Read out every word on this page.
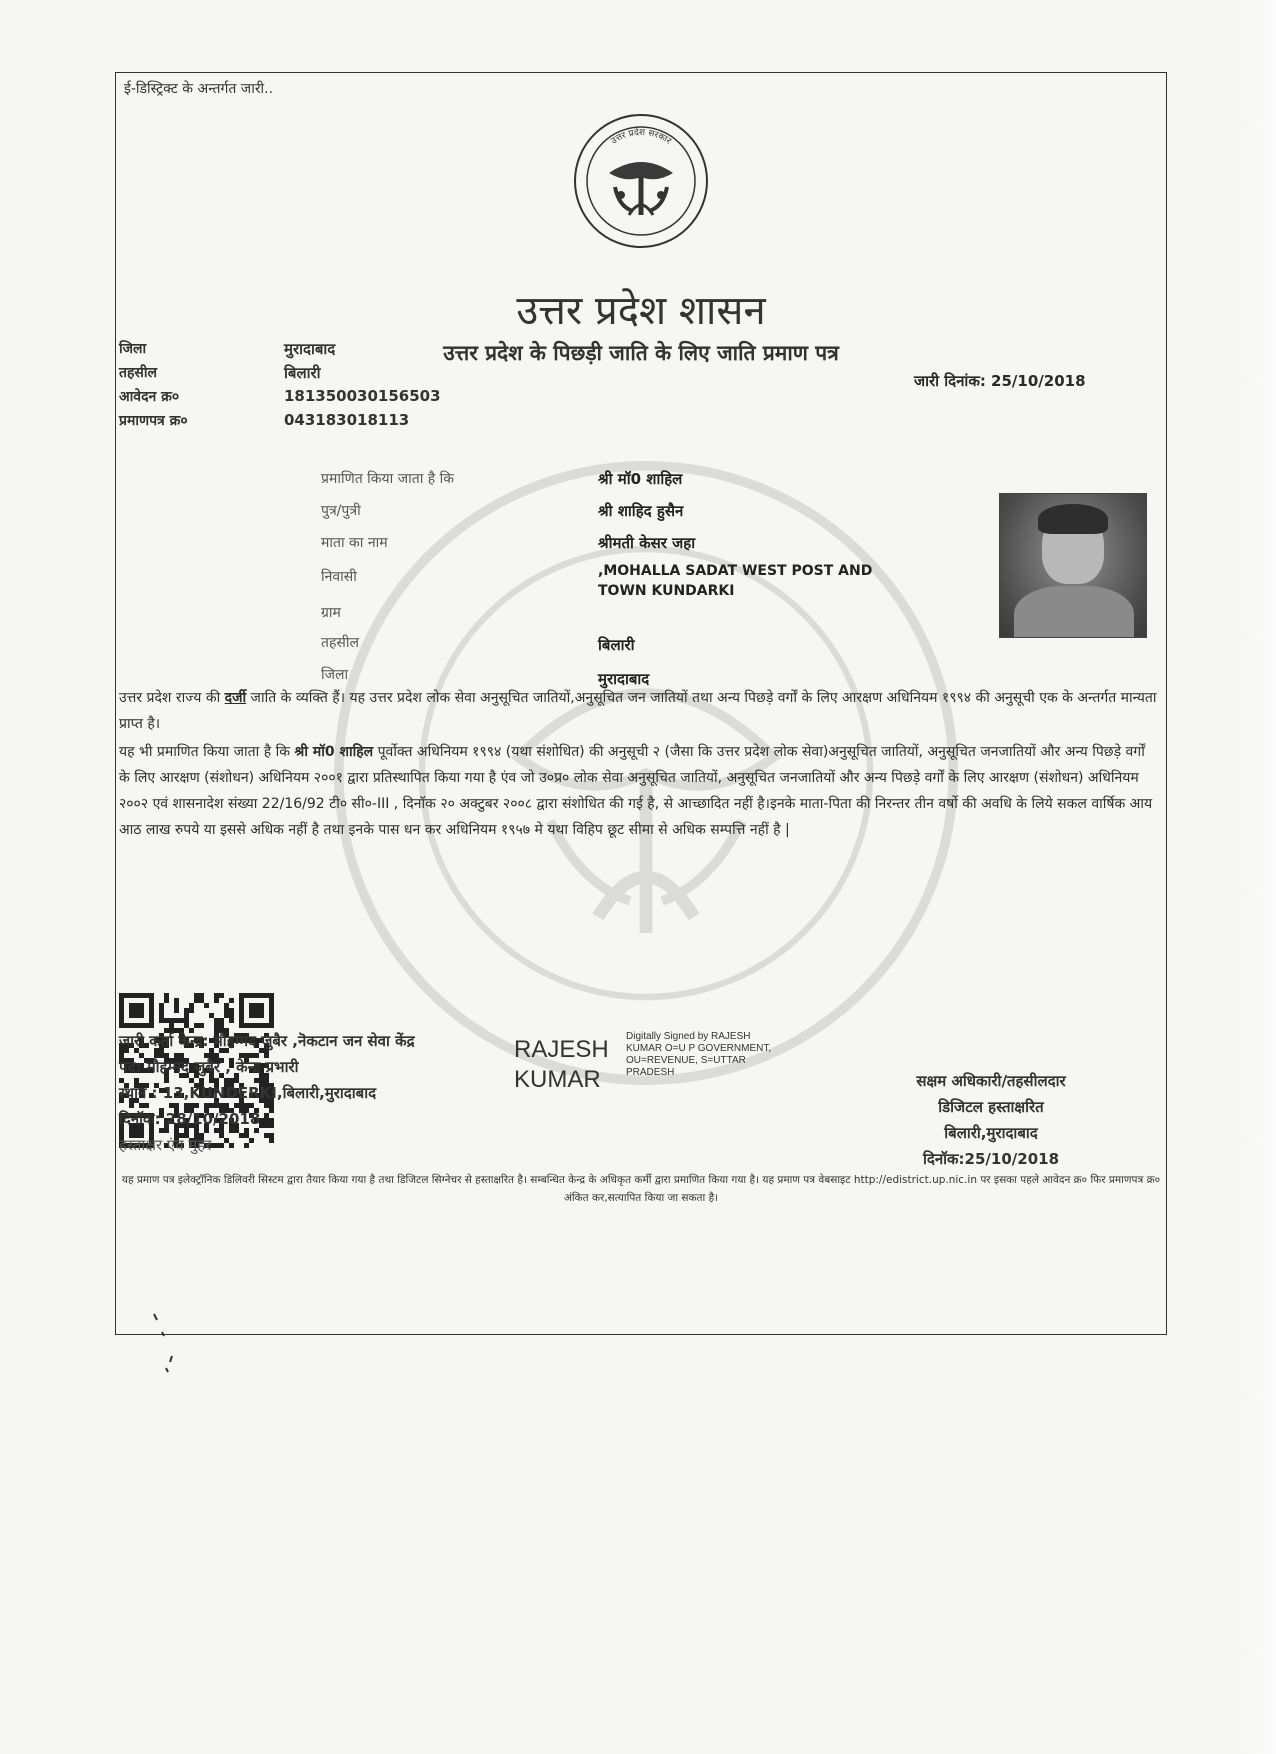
ई-डिस्ट्रिक्ट के अन्तर्गत जारी..
उत्तर प्रदेश सरकार
उत्तर प्रदेश शासन
उत्तर प्रदेश के पिछड़ी जाति के लिए जाति प्रमाण पत्र
जिला	मुरादाबाद
तहसील	बिलारी
आवेदन क्र०	181350030156503
प्रमाणपत्र क्र०	043183018113
जारी दिनांक: 25/10/2018
प्रमाणित किया जाता है कि	श्री मॉ0 शाहिल
पुत्र/पुत्री	श्री शाहिद हुसैन
माता का नाम	श्रीमती केसर जहा
निवासी	,MOHALLA SADAT WEST POST AND TOWN KUNDARKI
ग्राम
तहसील	बिलारी
जिला	मुरादाबाद
उत्तर प्रदेश राज्य की दर्जी जाति के व्यक्ति हैं। यह उत्तर प्रदेश लोक सेवा अनुसूचित जातियों,अनुसूचित जन जातियों तथा अन्य पिछड़े वर्गों के लिए आरक्षण अधिनियम १९९४ की अनुसूची एक के अन्तर्गत मान्यता प्राप्त है।
यह भी प्रमाणित किया जाता है कि श्री मॉ0 शाहिल पूर्वोक्त अधिनियम १९९४ (यथा संशोधित) की अनुसूची २ (जैसा कि उत्तर प्रदेश लोक सेवा)अनुसूचित जातियों, अनुसूचित जनजातियों और अन्य पिछड़े वर्गों के लिए आरक्षण (संशोधन) अधिनियम २००१ द्वारा प्रतिस्थापित किया गया है एंव जो उ०प्र० लोक सेवा अनुसूचित जातियों, अनुसूचित जनजातियों और अन्य पिछड़े वर्गों के लिए आरक्षण (संशोधन) अधिनियम २००२ एवं शासनादेश संख्या 22/16/92 टी० सी०-III , दिनॉक २० अक्टुबर २००८ द्वारा संशोधित की गई है, से आच्छादित नहीं है।इनके माता-पिता की निरन्तर तीन वर्षो की अवधि के लिये सकल वार्षिक आय आठ लाख रुपये या इससे अधिक नहीं है तथा इनके पास धन कर अधिनियम १९५७ मे यथा विहिप छूट सीमा से अधिक सम्पत्ति नहीं है |
जारी कर्ता केन्द्र: मौहम्मद जुबैर ,नॆकटान जन सेवा केंद्र
पद: मौहम्मद जुबैर , केन्द्र प्रभारी
स्थान : 13,KUNDERKI,बिलारी,मुरादाबाद
दिनॉक: 28/10/2018
हस्ताक्षर एंव मुहर
RAJESH KUMAR
Digitally Signed by RAJESH KUMAR O=U P GOVERNMENT, OU=REVENUE, S=UTTAR PRADESH	सक्षम अधिकारी/तहसीलदार
डिजिटल हस्ताक्षरित
बिलारी,मुरादाबाद
दिनॉक:25/10/2018
यह प्रमाण पत्र इलेक्ट्रॉनिक डिलिवरी सिस्टम द्वारा तैयार किया गया है तथा डिजिटल सिग्नेचर से हस्ताक्षरित है। सम्बन्धित केन्द्र के अधिकृत कर्मी द्वारा प्रमाणित किया गया है। यह प्रमाण पत्र वेबसाइट http://edistrict.up.nic.in पर इसका पहले आवेदन क्र० फिर प्रमाणपत्र क्र० अंकित कर,सत्यापित किया जा सकता है।
